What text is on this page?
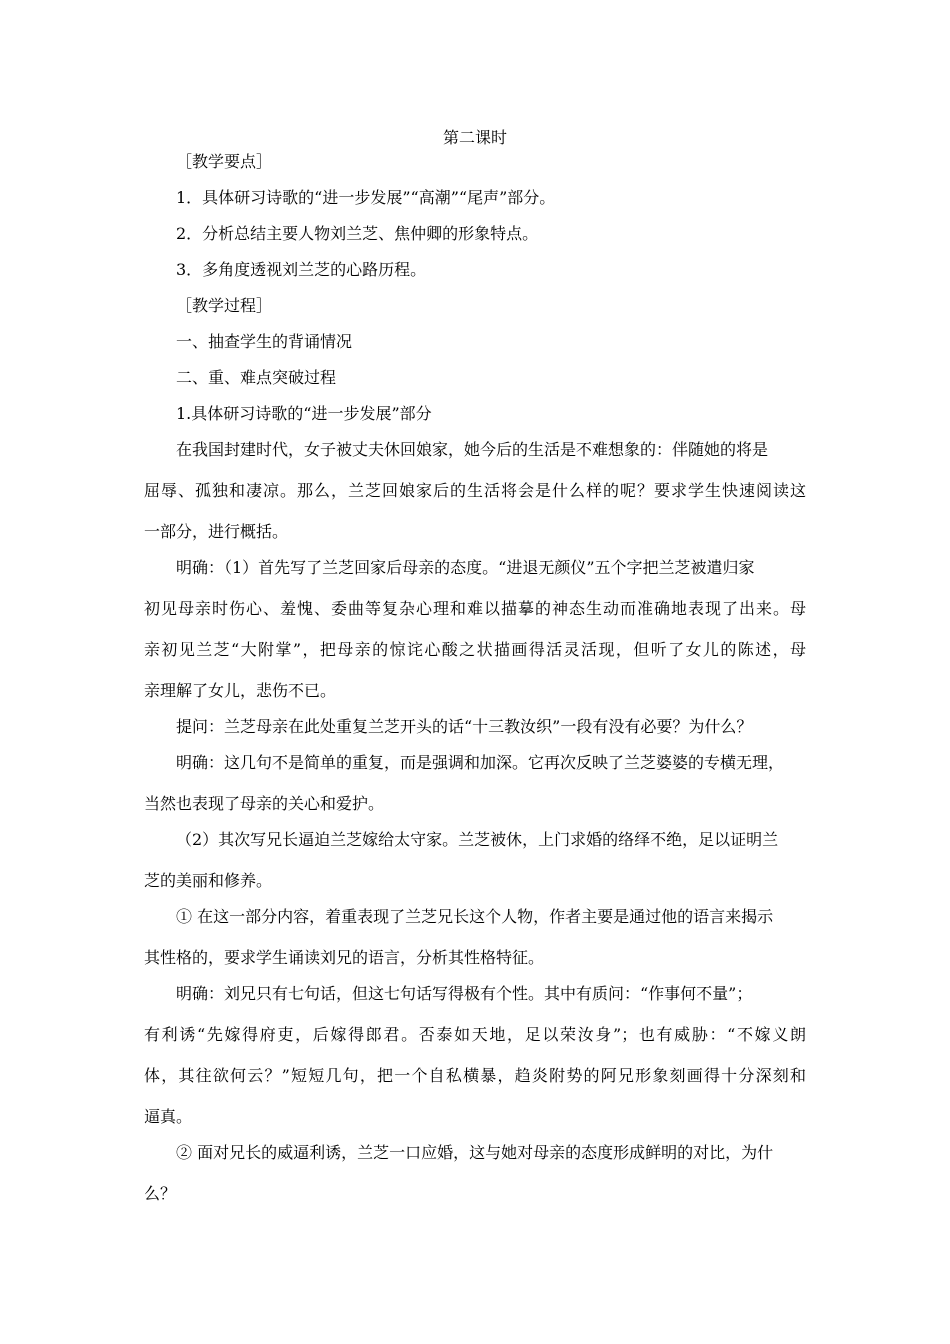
第二课时
［教学要点］
1．具体研习诗歌的“进一步发展”“高潮”“尾声”部分。
2．分析总结主要人物刘兰芝、焦仲卿的形象特点。
3．多角度透视刘兰芝的心路历程。
［教学过程］
一、抽查学生的背诵情况
二、重、难点突破过程
1.具体研习诗歌的“进一步发展”部分
在我国封建时代，女子被丈夫休回娘家，她今后的生活是不难想象的：伴随她的将是
屈辱、孤独和凄凉。那么，兰芝回娘家后的生活将会是什么样的呢？要求学生快速阅读这
一部分，进行概括。
明确：（1）首先写了兰芝回家后母亲的态度。“进退无颜仪”五个字把兰芝被遣归家
初见母亲时伤心、羞愧、委曲等复杂心理和难以描摹的神态生动而准确地表现了出来。母
亲初见兰芝“大附掌”，把母亲的惊诧心酸之状描画得活灵活现，但听了女儿的陈述，母
亲理解了女儿，悲伤不已。
提问：兰芝母亲在此处重复兰芝开头的话“十三教汝织”一段有没有必要？为什么？
明确：这几句不是简单的重复，而是强调和加深。它再次反映了兰芝婆婆的专横无理，
当然也表现了母亲的关心和爱护。
（2）其次写兄长逼迫兰芝嫁给太守家。兰芝被休，上门求婚的络绎不绝，足以证明兰
芝的美丽和修养。
① 在这一部分内容，着重表现了兰芝兄长这个人物，作者主要是通过他的语言来揭示
其性格的，要求学生诵读刘兄的语言，分析其性格特征。
明确：刘兄只有七句话，但这七句话写得极有个性。其中有质问：“作事何不量”；
有利诱“先嫁得府吏，后嫁得郎君。否泰如天地，足以荣汝身”；也有威胁：“不嫁义朗
体，其往欲何云？”短短几句，把一个自私横暴，趋炎附势的阿兄形象刻画得十分深刻和
逼真。
② 面对兄长的威逼利诱，兰芝一口应婚，这与她对母亲的态度形成鲜明的对比，为什
么？
